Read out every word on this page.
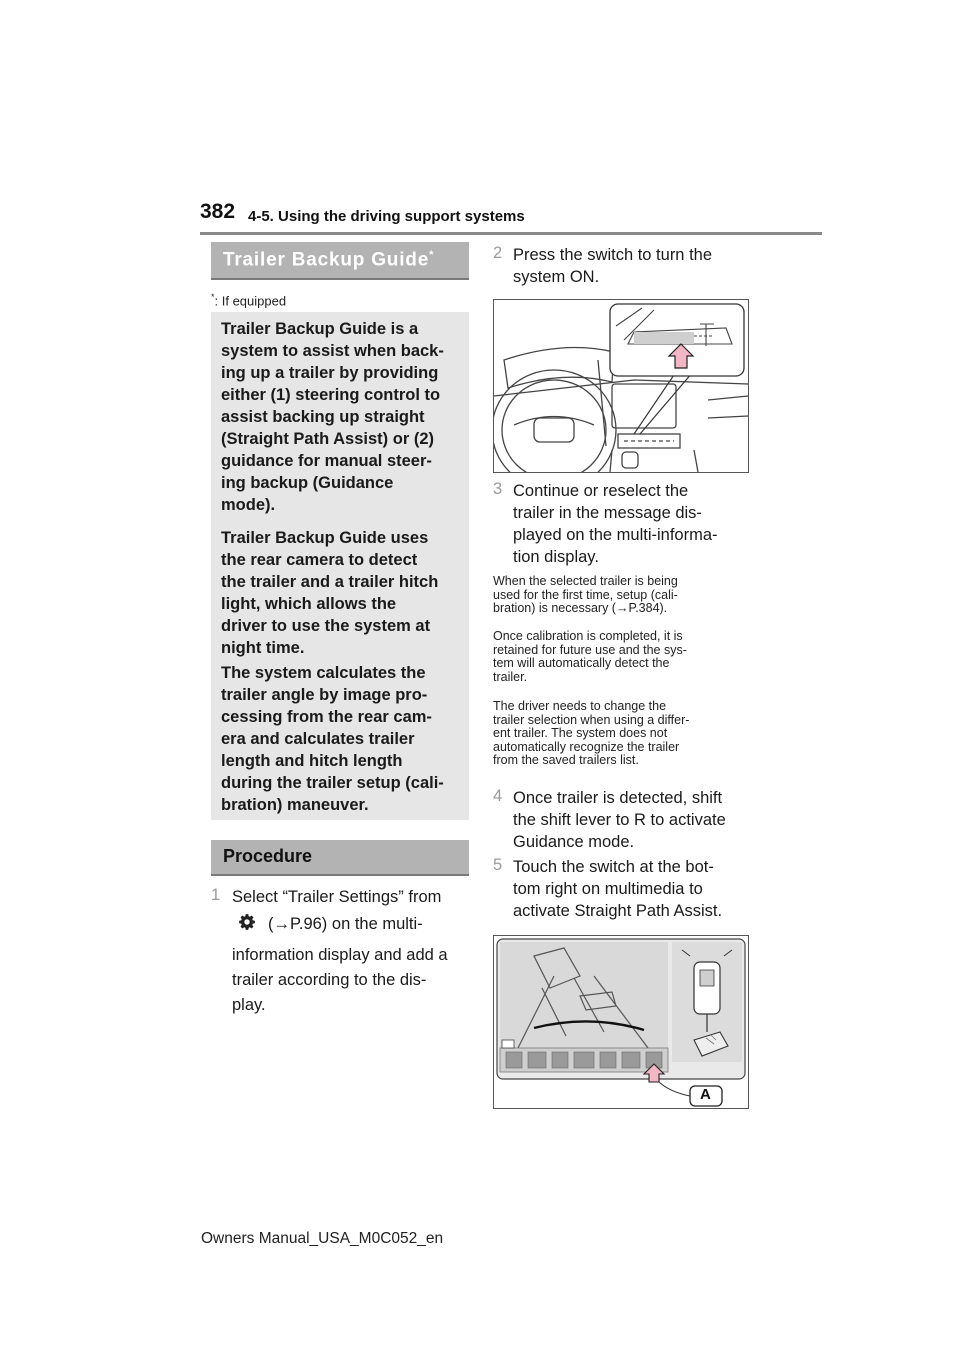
382 4-5. Using the driving support systems
Trailer Backup Guide*
*: If equipped

Trailer Backup Guide is a
system to assist when back-
ing up a trailer by providing
either (1) steering control to
assist backing up straight
(Straight Path Assist) or (2)
guidance for manual steer-
ing backup (Guidance
mode).

Trailer Backup Guide uses
the rear camera to detect
the trailer and a trailer hitch
light, which allows the
driver to use the system at
night time.

The system calculates the
trailer angle by image pro-
cessing from the rear cam-
era and calculates trailer
length and hitch length
during the trailer setup (cali-
bration) maneuver.

Procedure
1 Select “Trailer Settings” from
(→P.96) on the multi-
information display and add a
trailer according to the dis-
play.
2 Press the switch to turn the
system ON.
3 Continue or reselect the
trailer in the message dis-
played on the multi-informa-
tion display.
When the selected trailer is being
used for the first time, setup (cali-
bration) is necessary (→P.384).
Once calibration is completed, it is
retained for future use and the sys-
tem will automatically detect the
trailer.
The driver needs to change the
trailer selection when using a differ-
ent trailer. The system does not
automatically recognize the trailer
from the saved trailers list.
4 Once trailer is detected, shift
the shift lever to R to activate
Guidance mode.
5 Touch the switch at the bot-
tom right on multimedia to
activate Straight Path Assist.
A
Owners Manual_USA_M0C052_en
